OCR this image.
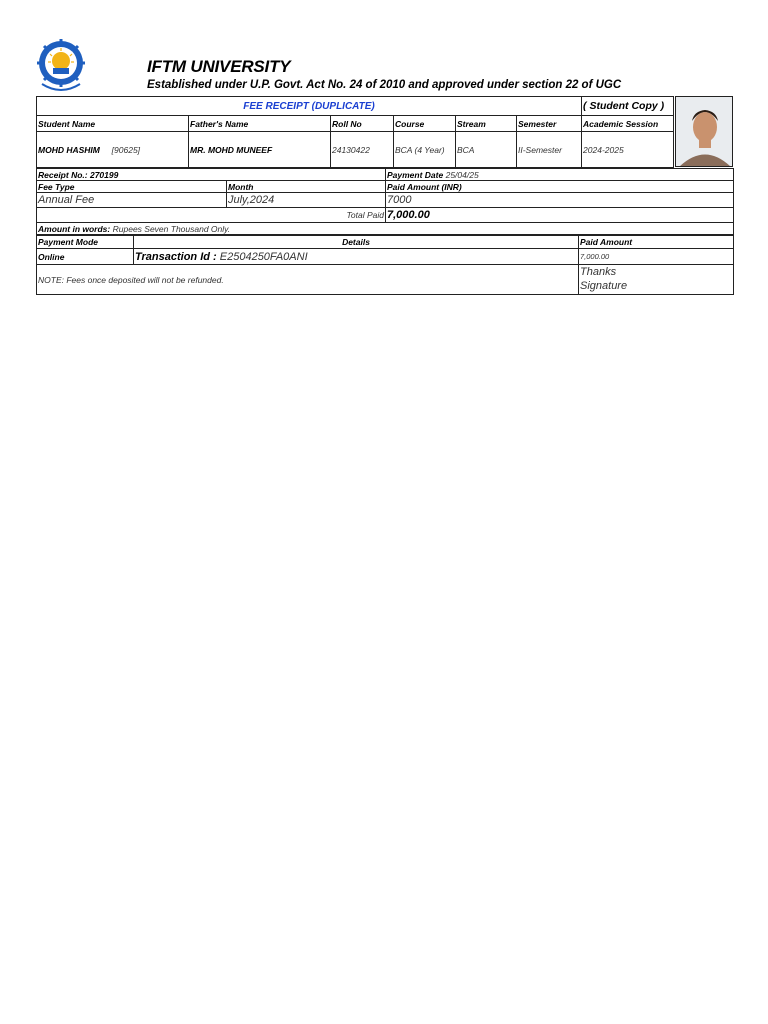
IFTM UNIVERSITY
Established under U.P. Govt. Act No. 24 of 2010 and approved under section 22 of UGC
FEE RECEIPT (DUPLICATE)						( Student Copy )
Student Name	Father's Name	Roll No	Course	Stream	Semester	Academic Session
MOHD HASHIM [90625]	MR. MOHD MUNEEF	24130422	BCA (4 Year)	BCA	II-Semester	2024-2025
Receipt No.: 270199		Payment Date 25/04/25
Fee Type	Month	Paid Amount (INR)
Annual Fee	July,2024	7000
Total Paid		7,000.00
Amount in words: Rupees Seven Thousand Only.		
Payment Mode	Details	Paid Amount
Online	Transaction Id : E2504250FA0ANI	7,000.00
NOTE: Fees once deposited will not be refunded.		Thanks
Signature
